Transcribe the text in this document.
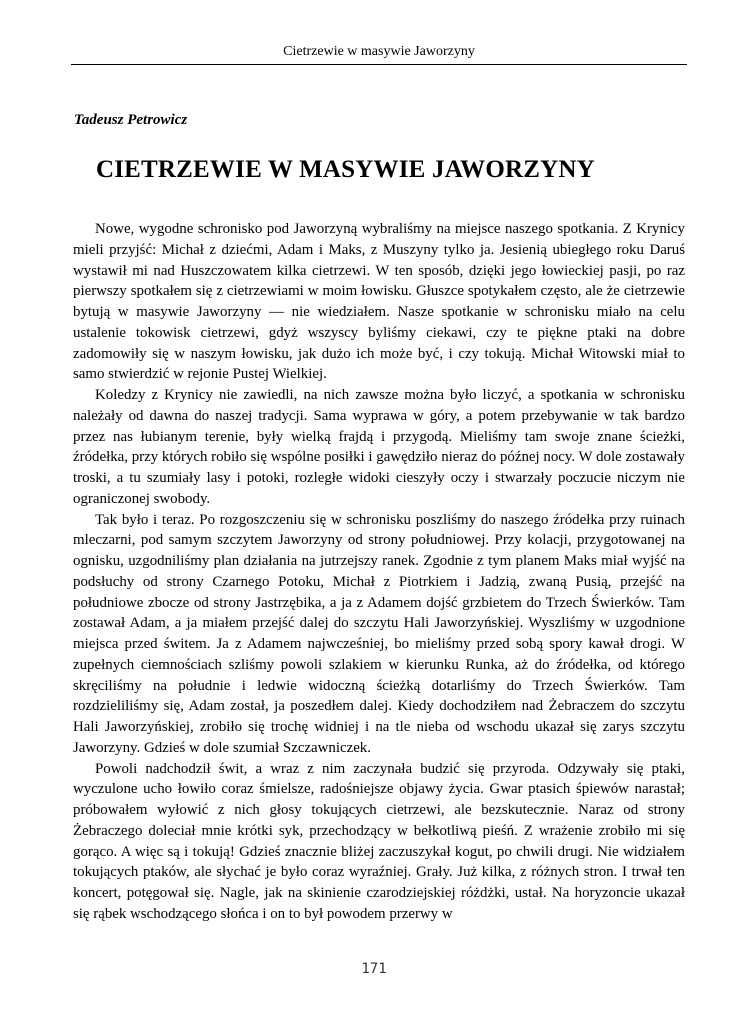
Cietrzewie w masywie Jaworzyny
Tadeusz Petrowicz
CIETRZEWIE W MASYWIE JAWORZYNY

Nowe, wygodne schronisko pod Jaworzyną wybraliśmy na miejsce naszego spotkania. Z Krynicy mieli przyjść: Michał z dziećmi, Adam i Maks, z Muszyny tylko ja. Jesienią ubiegłego roku Daruś wystawił mi nad Huszczowatem kilka cietrzewi. W ten sposób, dzięki jego łowieckiej pasji, po raz pierwszy spotkałem się z cietrzewiami w moim łowisku. Głuszce spotykałem często, ale że cietrzewie bytują w masywie Jaworzyny — nie wiedziałem. Nasze spotkanie w schronisku miało na celu ustalenie tokowisk cietrzewi, gdyż wszyscy byliśmy ciekawi, czy te piękne ptaki na dobre zadomowiły się w naszym łowisku, jak dużo ich może być, i czy tokują. Michał Witowski miał to samo stwierdzić w rejonie Pustej Wielkiej.

Koledzy z Krynicy nie zawiedli, na nich zawsze można było liczyć, a spotkania w schronisku należały od dawna do naszej tradycji. Sama wyprawa w góry, a potem przebywanie w tak bardzo przez nas łubianym terenie, były wielką frajdą i przygodą. Mieliśmy tam swoje znane ścieżki, źródełka, przy których robiło się wspólne posiłki i gawędziło nieraz do późnej nocy. W dole zostawały troski, a tu szumiały lasy i potoki, rozległe widoki cieszyły oczy i stwarzały poczucie niczym nie ograniczonej swobody.

Tak było i teraz. Po rozgoszczeniu się w schronisku poszliśmy do naszego źródełka przy ruinach mleczarni, pod samym szczytem Jaworzyny od strony południowej. Przy kolacji, przygotowanej na ognisku, uzgodniliśmy plan działania na jutrzejszy ranek. Zgodnie z tym planem Maks miał wyjść na podsłuchy od strony Czarnego Potoku, Michał z Piotrkiem i Jadzią, zwaną Pusią, przejść na południowe zbocze od strony Jastrzębika, a ja z Adamem dojść grzbietem do Trzech Świerków. Tam zostawał Adam, a ja miałem przejść dalej do szczytu Hali Jaworzyńskiej. Wyszliśmy w uzgodnione miejsca przed świtem. Ja z Adamem najwcześniej, bo mieliśmy przed sobą spory kawał drogi. W zupełnych ciemnościach szliśmy powoli szlakiem w kierunku Runka, aż do źródełka, od którego skręciliśmy na południe i ledwie widoczną ścieżką dotarliśmy do Trzech Świerków. Tam rozdzieliliśmy się, Adam został, ja poszedłem dalej. Kiedy dochodziłem nad Żebraczem do szczytu Hali Jaworzyńskiej, zrobiło się trochę widniej i na tle nieba od wschodu ukazał się zarys szczytu Jaworzyny. Gdzieś w dole szumiał Szczawniczek.

Powoli nadchodził świt, a wraz z nim zaczynała budzić się przyroda. Odzywały się ptaki, wyczulone ucho łowiło coraz śmielsze, radośniejsze objawy życia. Gwar ptasich śpiewów narastał; próbowałem wyłowić z nich głosy tokujących cietrzewi, ale bezskutecznie. Naraz od strony Żebraczego doleciał mnie krótki syk, przechodzący w bełkotliwą pieśń. Z wrażenie zrobiło mi się gorąco. A więc są i tokują! Gdzieś znacznie bliżej zaczuszykał kogut, po chwili drugi. Nie widziałem tokujących ptaków, ale słychać je było coraz wyraźniej. Grały. Już kilka, z różnych stron. I trwał ten koncert, potęgował się. Nagle, jak na skinienie czarodziejskiej różdżki, ustał. Na horyzoncie ukazał się rąbek wschodzącego słońca i on to był powodem przerwy w

171
